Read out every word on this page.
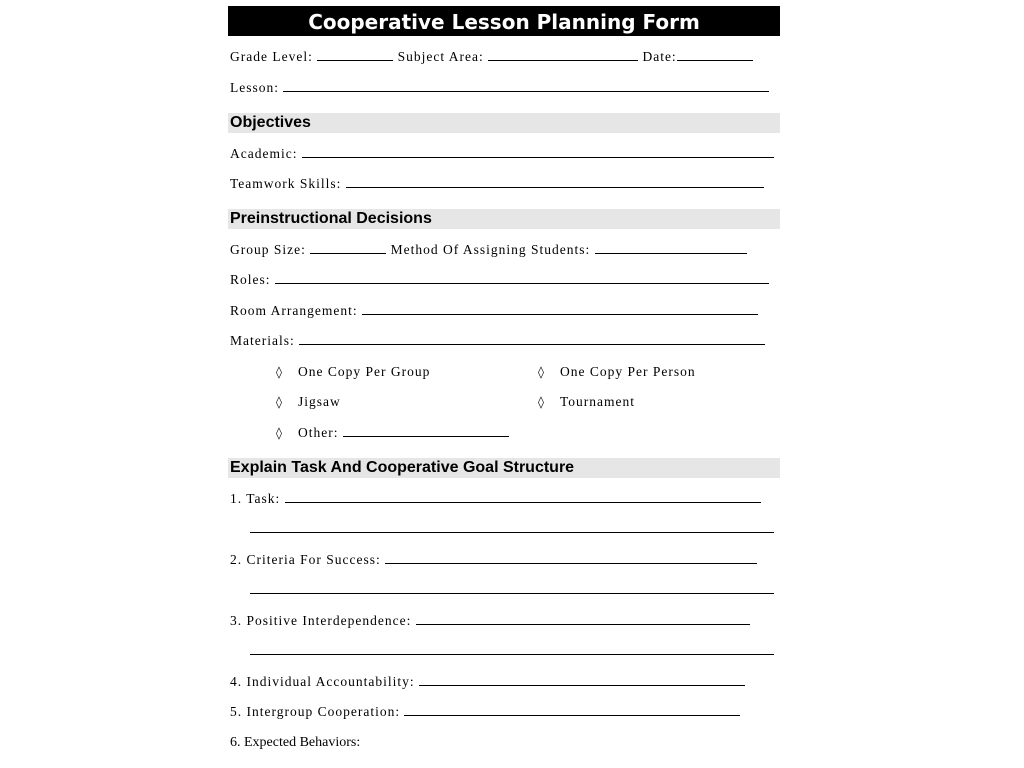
Cooperative Lesson Planning Form
Grade Level:	Subject Area:	Date:
Lesson:
Objectives
Academic:
Teamwork Skills:
Preinstructional Decisions
Group Size:	Method Of Assigning Students:
Roles:
Room Arrangement:
Materials:
◊ One Copy Per Group	◊ One Copy Per Person
◊ Jigsaw	◊ Tournament
◊ Other:
Explain Task And Cooperative Goal Structure
1. Task:
2. Criteria For Success:
3. Positive Interdependence:
4. Individual Accountability:
5. Intergroup Cooperation:
6. Expected Behaviors:
